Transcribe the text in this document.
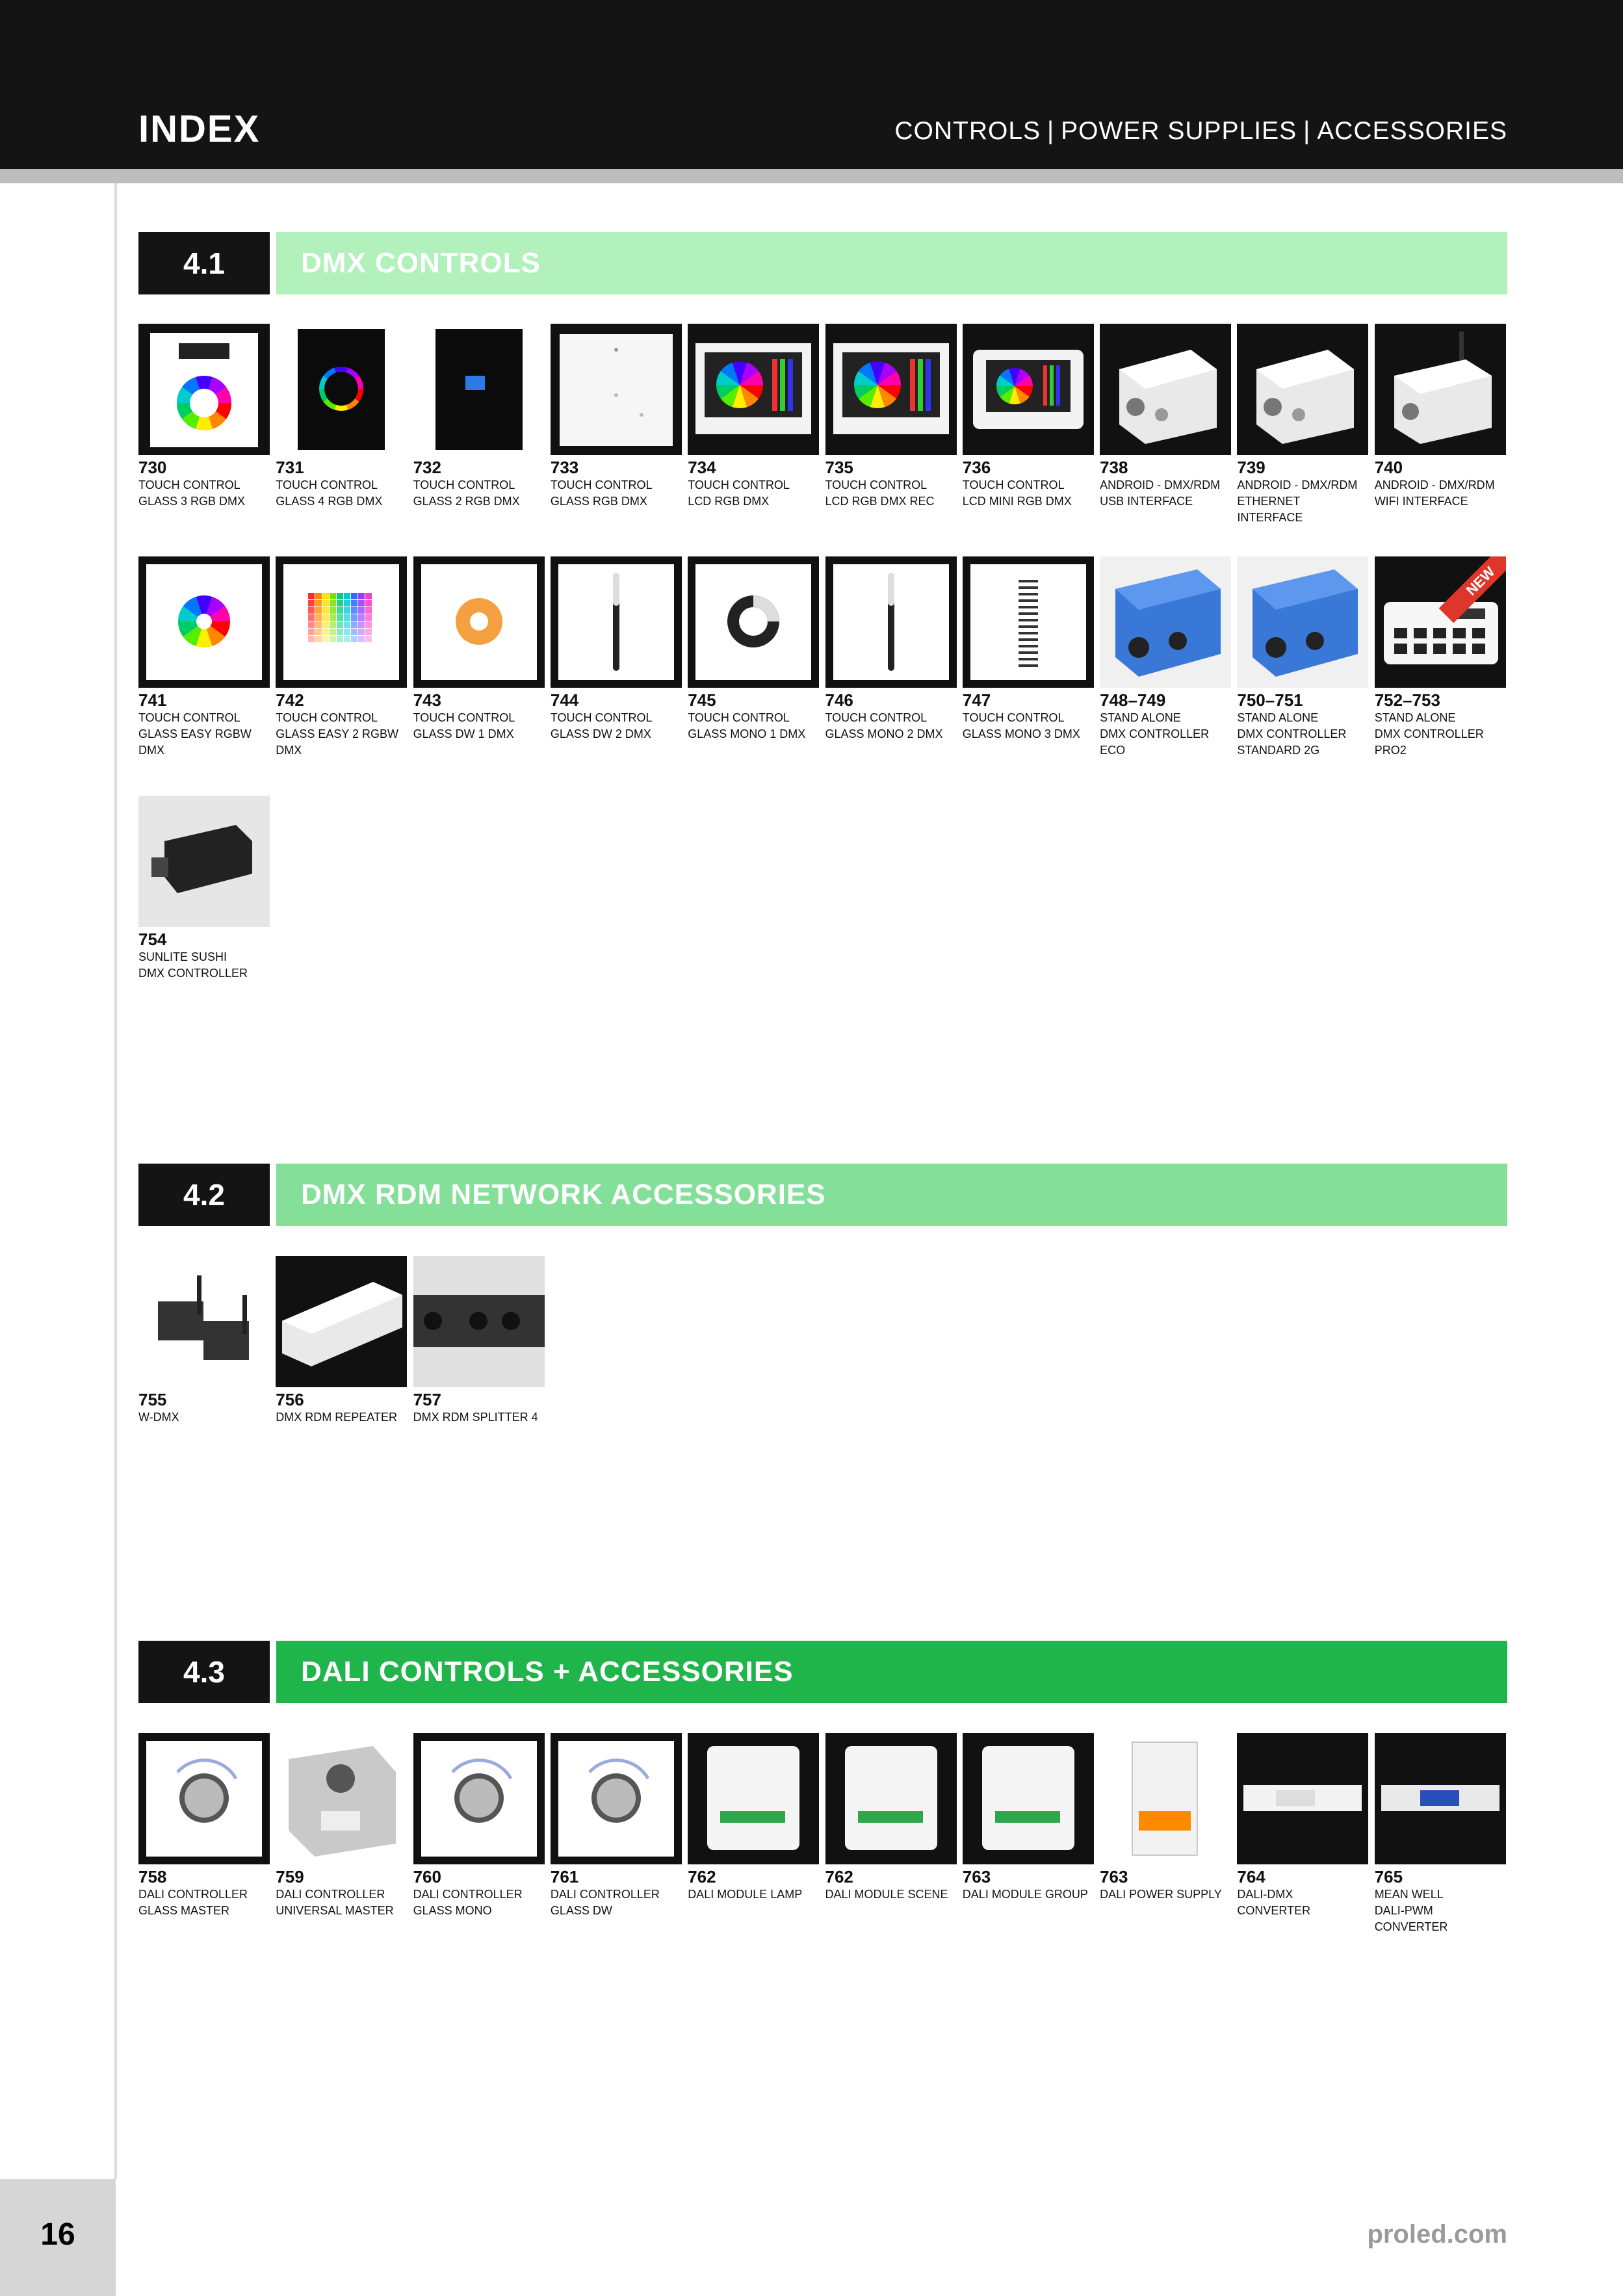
INDEX	CONTROLS | POWER SUPPLIES | ACCESSORIES
4.1	DMX CONTROLS
4.2	DMX RDM NETWORK ACCESSORIES
4.3	DALI CONTROLS + ACCESSORIES
730
TOUCH CONTROL
GLASS 3 RGB DMX
731
TOUCH CONTROL
GLASS 4 RGB DMX
732
TOUCH CONTROL
GLASS 2 RGB DMX
733
TOUCH CONTROL
GLASS RGB DMX
734
TOUCH CONTROL
LCD RGB DMX
735
TOUCH CONTROL
LCD RGB DMX REC
736
TOUCH CONTROL
LCD MINI RGB DMX
738
ANDROID - DMX/RDM
USB INTERFACE
739
ANDROID - DMX/RDM
ETHERNET INTERFACE
740
ANDROID - DMX/RDM
WIFI INTERFACE
741
TOUCH CONTROL
GLASS EASY RGBW
DMX
742
TOUCH CONTROL
GLASS EASY 2 RGBW
DMX
743
TOUCH CONTROL
GLASS DW 1 DMX
744
TOUCH CONTROL
GLASS DW 2 DMX
745
TOUCH CONTROL
GLASS MONO 1 DMX
746
TOUCH CONTROL
GLASS MONO 2 DMX
747
TOUCH CONTROL
GLASS MONO 3 DMX
748–749
STAND ALONE
DMX CONTROLLER
ECO
750–751
STAND ALONE
DMX CONTROLLER
STANDARD 2G
NEW
752–753
STAND ALONE
DMX CONTROLLER
PRO2
754
SUNLITE SUSHI
DMX CONTROLLER
755
W-DMX
756
DMX RDM REPEATER
757
DMX RDM SPLITTER 4
758
DALI CONTROLLER
GLASS MASTER
759
DALI CONTROLLER
UNIVERSAL MASTER
760
DALI CONTROLLER
GLASS MONO
761
DALI CONTROLLER
GLASS DW
762
DALI MODULE LAMP
762
DALI MODULE SCENE
763
DALI MODULE GROUP
763
DALI POWER SUPPLY
764
DALI-DMX CONVERTER
765
MEAN WELL
DALI-PWM CONVERTER
16	proled.com
